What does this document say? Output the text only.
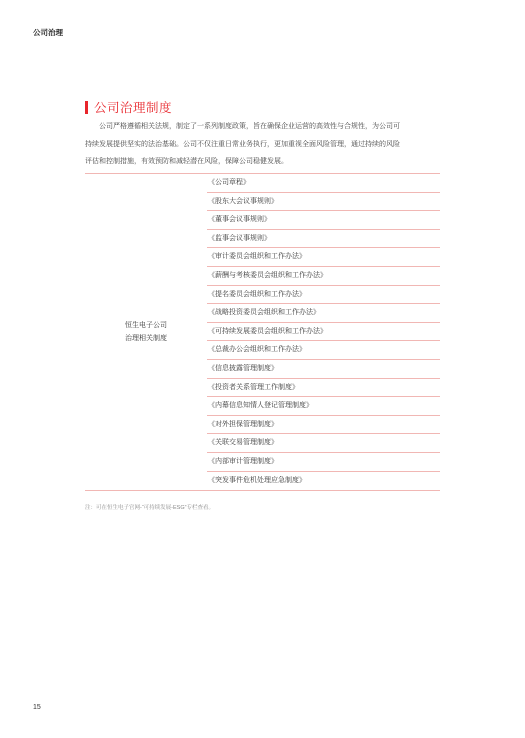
公司治理
公司治理制度

公司严格遵循相关法规，制定了一系列制度政策，旨在确保企业运营的高效性与合规性，为公司可
持续发展提供坚实的法治基础。公司不仅注重日常业务执行，更加重视全面风险管理，通过持续的风险
评估和控制措施，有效预防和减轻潜在风险，保障公司稳健发展。

恒生电子公司
治理相关制度
《公司章程》
《股东大会议事规则》
《董事会议事规则》
《监事会议事规则》
《审计委员会组织和工作办法》
《薪酬与考核委员会组织和工作办法》
《提名委员会组织和工作办法》
《战略投资委员会组织和工作办法》
《可持续发展委员会组织和工作办法》
《总裁办公会组织和工作办法》
《信息披露管理制度》
《投资者关系管理工作制度》
《内幕信息知情人登记管理制度》
《对外担保管理制度》
《关联交易管理制度》
《内部审计管理制度》
《突发事件危机处理应急制度》
注：可在恒生电子官网-“可持续发展-ESG”专栏查看。
15
